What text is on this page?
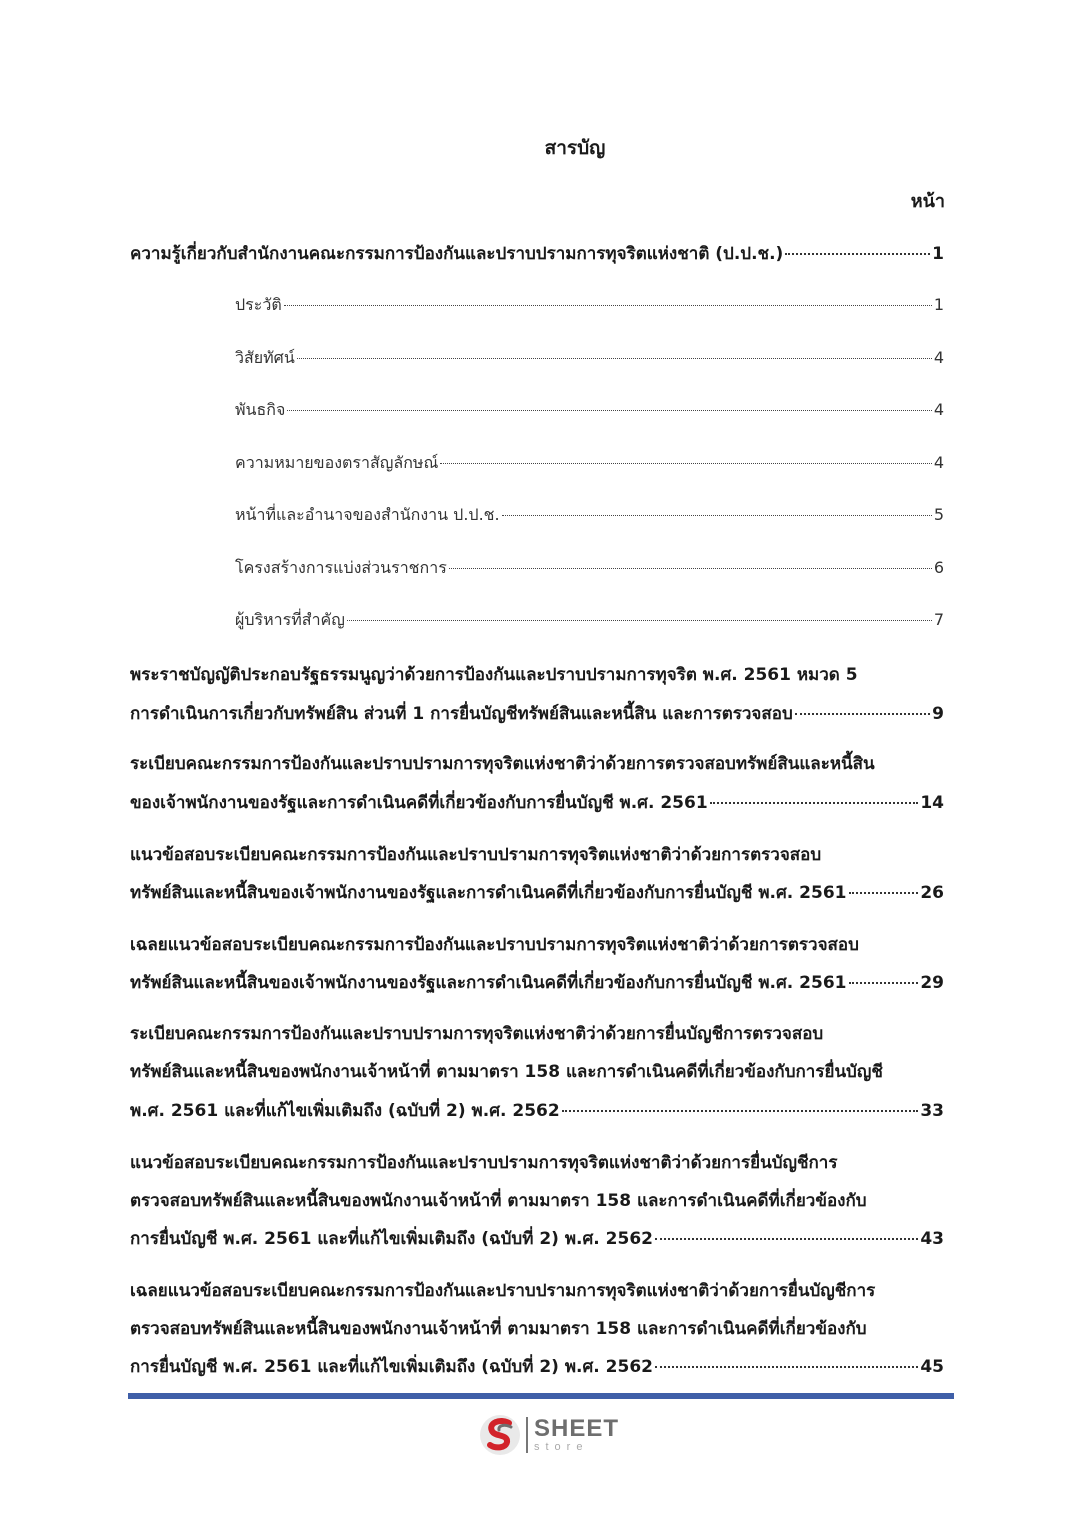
สารบัญ
หน้า
ความรู้เกี่ยวกับสำนักงานคณะกรรมการป้องกันและปราบปรามการทุจริตแห่งชาติ (ป.ป.ช.)	1
ประวัติ	1
วิสัยทัศน์	4
พันธกิจ	4
ความหมายของตราสัญลักษณ์	4
หน้าที่และอำนาจของสำนักงาน ป.ป.ช.	5
โครงสร้างการแบ่งส่วนราชการ	6
ผู้บริหารที่สำคัญ	7
พระราชบัญญัติประกอบรัฐธรรมนูญว่าด้วยการป้องกันและปราบปรามการทุจริต พ.ศ. 2561 หมวด 5
การดำเนินการเกี่ยวกับทรัพย์สิน ส่วนที่ 1 การยื่นบัญชีทรัพย์สินและหนี้สิน และการตรวจสอบ	9
ระเบียบคณะกรรมการป้องกันและปราบปรามการทุจริตแห่งชาติว่าด้วยการตรวจสอบทรัพย์สินและหนี้สิน
ของเจ้าพนักงานของรัฐและการดำเนินคดีที่เกี่ยวข้องกับการยื่นบัญชี พ.ศ. 2561	14
แนวข้อสอบระเบียบคณะกรรมการป้องกันและปราบปรามการทุจริตแห่งชาติว่าด้วยการตรวจสอบ
ทรัพย์สินและหนี้สินของเจ้าพนักงานของรัฐและการดำเนินคดีที่เกี่ยวข้องกับการยื่นบัญชี พ.ศ. 2561	26
เฉลยแนวข้อสอบระเบียบคณะกรรมการป้องกันและปราบปรามการทุจริตแห่งชาติว่าด้วยการตรวจสอบ
ทรัพย์สินและหนี้สินของเจ้าพนักงานของรัฐและการดำเนินคดีที่เกี่ยวข้องกับการยื่นบัญชี พ.ศ. 2561	29
ระเบียบคณะกรรมการป้องกันและปราบปรามการทุจริตแห่งชาติว่าด้วยการยื่นบัญชีการตรวจสอบ
ทรัพย์สินและหนี้สินของพนักงานเจ้าหน้าที่ ตามมาตรา 158 และการดำเนินคดีที่เกี่ยวข้องกับการยื่นบัญชี
พ.ศ. 2561 และที่แก้ไขเพิ่มเติมถึง (ฉบับที่ 2) พ.ศ. 2562	33
แนวข้อสอบระเบียบคณะกรรมการป้องกันและปราบปรามการทุจริตแห่งชาติว่าด้วยการยื่นบัญชีการ
ตรวจสอบทรัพย์สินและหนี้สินของพนักงานเจ้าหน้าที่ ตามมาตรา 158 และการดำเนินคดีที่เกี่ยวข้องกับ
การยื่นบัญชี พ.ศ. 2561 และที่แก้ไขเพิ่มเติมถึง (ฉบับที่ 2) พ.ศ. 2562	43
เฉลยแนวข้อสอบระเบียบคณะกรรมการป้องกันและปราบปรามการทุจริตแห่งชาติว่าด้วยการยื่นบัญชีการ
ตรวจสอบทรัพย์สินและหนี้สินของพนักงานเจ้าหน้าที่ ตามมาตรา 158 และการดำเนินคดีที่เกี่ยวข้องกับ
การยื่นบัญชี พ.ศ. 2561 และที่แก้ไขเพิ่มเติมถึง (ฉบับที่ 2) พ.ศ. 2562	45
SHEET
store
